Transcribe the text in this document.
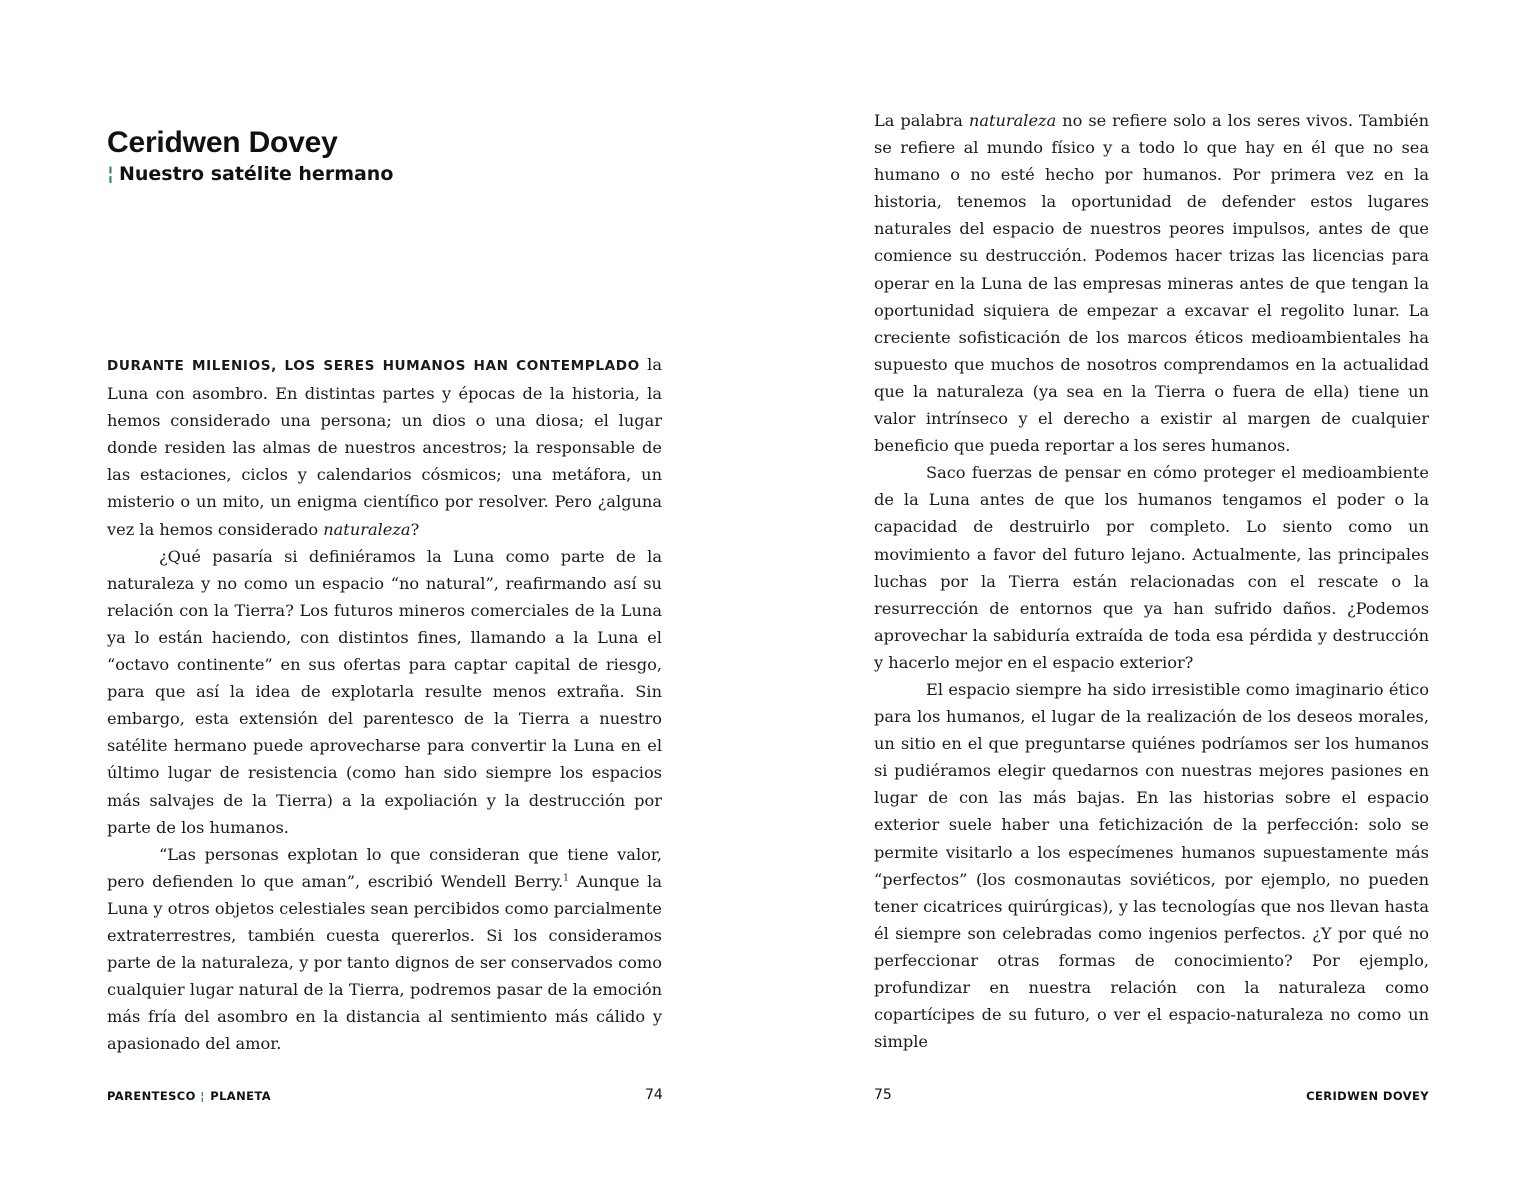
Ceridwen Dovey
¦ Nuestro satélite hermano

DURANTE MILENIOS, LOS SERES HUMANOS HAN CONTEMPLADO la Luna con asombro. En distintas partes y épocas de la historia, la hemos considerado una persona; un dios o una diosa; el lugar donde residen las almas de nuestros ancestros; la responsable de las estaciones, ciclos y calendarios cósmicos; una metáfora, un misterio o un mito, un enigma científico por resolver. Pero ¿alguna vez la hemos considerado naturaleza?

¿Qué pasaría si definiéramos la Luna como parte de la naturaleza y no como un espacio “no natural”, reafirmando así su relación con la Tierra? Los futuros mineros comerciales de la Luna ya lo están haciendo, con distintos fines, llamando a la Luna el “octavo continente” en sus ofertas para captar capital de riesgo, para que así la idea de explotarla resulte menos extraña. Sin embargo, esta extensión del parentesco de la Tierra a nuestro satélite hermano puede aprovecharse para convertir la Luna en el último lugar de resistencia (como han sido siempre los espacios más salvajes de la Tierra) a la expoliación y la destrucción por parte de los humanos.

“Las personas explotan lo que consideran que tiene valor, pero defienden lo que aman”, escribió Wendell Berry.$^1$ Aunque la Luna y otros objetos celestiales sean percibidos como parcialmente extraterrestres, también cuesta quererlos. Si los consideramos parte de la naturaleza, y por tanto dignos de ser conservados como cualquier lugar natural de la Tierra, podremos pasar de la emoción más fría del asombro en la distancia al sentimiento más cálido y apasionado del amor.

PARENTESCO ¦ PLANETA	74

La palabra naturaleza no se refiere solo a los seres vivos. También se refiere al mundo físico y a todo lo que hay en él que no sea humano o no esté hecho por humanos. Por primera vez en la historia, tenemos la oportunidad de defender estos lugares naturales del espacio de nuestros peores impulsos, antes de que comience su destrucción. Podemos hacer trizas las licencias para operar en la Luna de las empresas mineras antes de que tengan la oportunidad siquiera de empezar a excavar el regolito lunar. La creciente sofisticación de los marcos éticos medioambientales ha supuesto que muchos de nosotros comprendamos en la actualidad que la naturaleza (ya sea en la Tierra o fuera de ella) tiene un valor intrínseco y el derecho a existir al margen de cualquier beneficio que pueda reportar a los seres humanos.

Saco fuerzas de pensar en cómo proteger el medioambiente de la Luna antes de que los humanos tengamos el poder o la capacidad de destruirlo por completo. Lo siento como un movimiento a favor del futuro lejano. Actualmente, las principales luchas por la Tierra están relacionadas con el rescate o la resurrección de entornos que ya han sufrido daños. ¿Podemos aprovechar la sabiduría extraída de toda esa pérdida y destrucción y hacerlo mejor en el espacio exterior?

El espacio siempre ha sido irresistible como imaginario ético para los humanos, el lugar de la realización de los deseos morales, un sitio en el que preguntarse quiénes podríamos ser los humanos si pudiéramos elegir quedarnos con nuestras mejores pasiones en lugar de con las más bajas. En las historias sobre el espacio exterior suele haber una fetichización de la perfección: solo se permite visitarlo a los especímenes humanos supuestamente más “perfectos” (los cosmonautas soviéticos, por ejemplo, no pueden tener cicatrices quirúrgicas), y las tecnologías que nos llevan hasta él siempre son celebradas como ingenios perfectos. ¿Y por qué no perfeccionar otras formas de conocimiento? Por ejemplo, profundizar en nuestra relación con la naturaleza como copartícipes de su futuro, o ver el espacio-naturaleza no como un simple

75	CERIDWEN DOVEY
